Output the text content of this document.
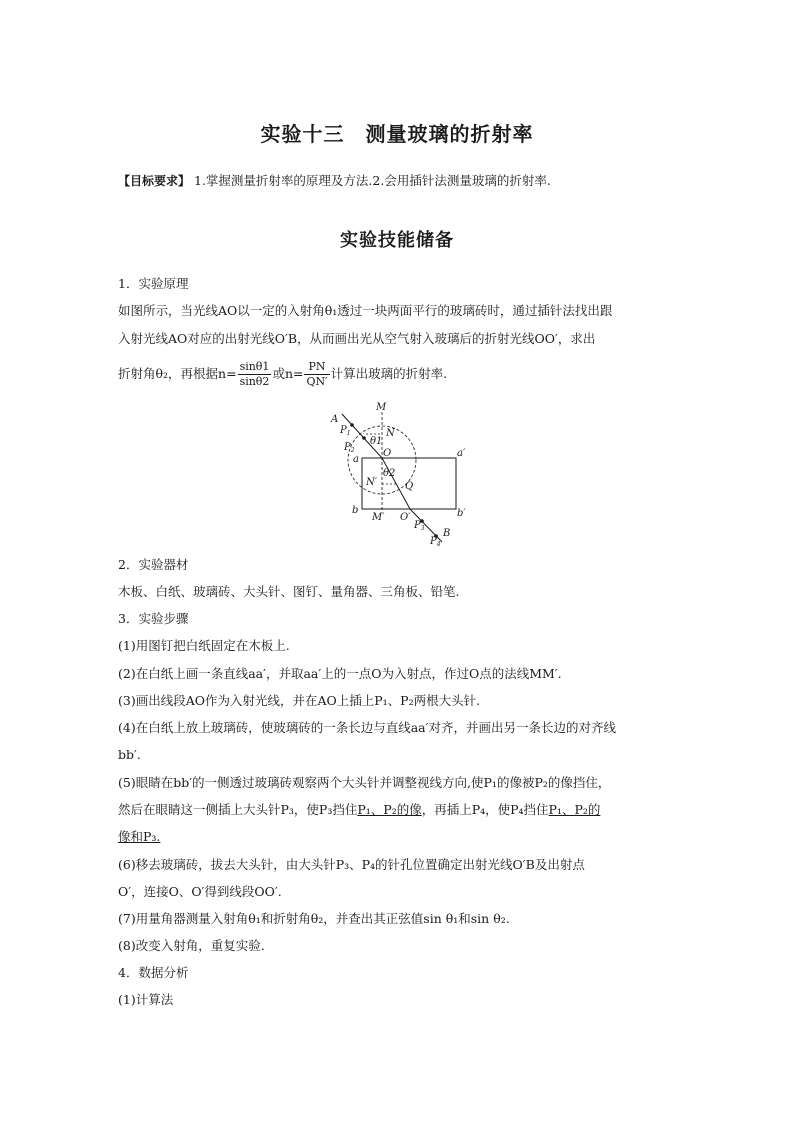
实验十三　测量玻璃的折射率
【目标要求】 1.掌握测量折射率的原理及方法.2.会用插针法测量玻璃的折射率.
实验技能储备
1．实验原理
如图所示，当光线AO以一定的入射角θ₁透过一块两面平行的玻璃砖时，通过插针法找出跟
入射光线AO对应的出射光线O′B，从而画出光从空气射入玻璃后的折射光线OO′，求出
折射角θ₂，再根据$n= \frac{\sin\theta 1}{\sin\theta 2}$ 或$n= \frac{PN}{QN'}$ 计算出玻璃的折射率.
A
M
$P_1$	N
θ1
$P_2$	O
a
a′
θ2
N′	Q
b
M′ O′	b′
$P_3$
$P_4$
B
2．实验器材
木板、白纸、玻璃砖、大头针、图钉、量角器、三角板、铅笔.
3．实验步骤
(1)用图钉把白纸固定在木板上.
(2)在白纸上画一条直线aa′，并取aa′上的一点O为入射点，作过O点的法线MM′.
(3)画出线段AO作为入射光线，并在AO上插上P₁、P₂两根大头针.
(4)在白纸上放上玻璃砖，使玻璃砖的一条长边与直线aa′对齐，并画出另一条长边的对齐线
bb′.
(5)眼睛在bb′的一侧透过玻璃砖观察两个大头针并调整视线方向,使P₁的像被P₂的像挡住，
然后在眼睛这一侧插上大头针P₃，使P₃挡住P₁、P₂的像，再插上P₄，使P₄挡住P₁、P₂的
像和P₃.
(6)移去玻璃砖，拔去大头针，由大头针P₃、P₄的针孔位置确定出射光线O′B及出射点
O′，连接O、O′得到线段OO′.
(7)用量角器测量入射角θ₁和折射角θ₂，并查出其正弦值sin θ₁和sin θ₂.
(8)改变入射角，重复实验.
4．数据分析
(1)计算法
